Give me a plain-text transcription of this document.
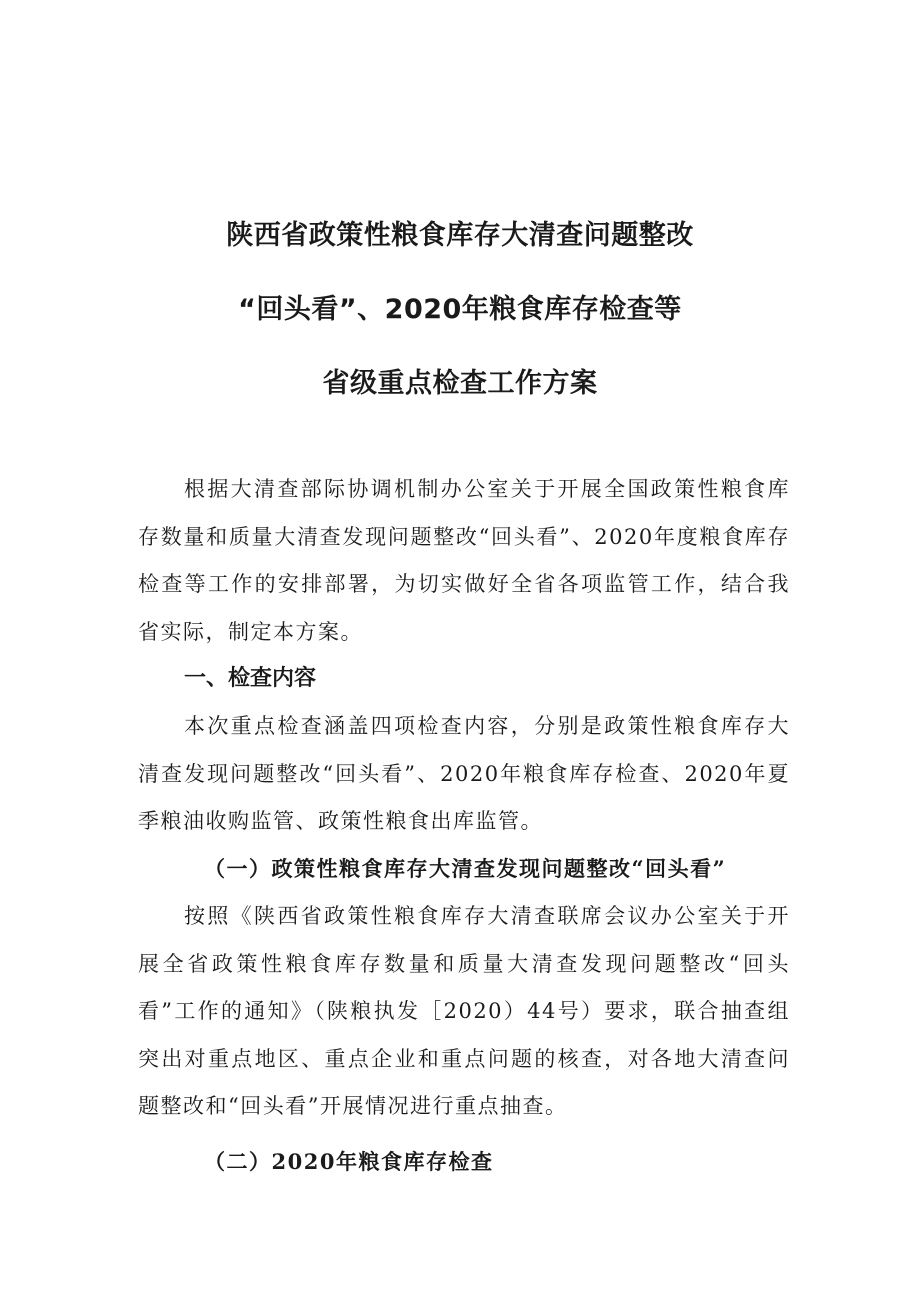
陕西省政策性粮食库存大清查问题整改
“回头看”、2020年粮食库存检查等
省级重点检查工作方案

根据大清查部际协调机制办公室关于开展全国政策性粮食库存数量和质量大清查发现问题整改“回头看”、2020年度粮食库存检查等工作的安排部署，为切实做好全省各项监管工作，结合我省实际，制定本方案。

一、检查内容

本次重点检查涵盖四项检查内容，分别是政策性粮食库存大清查发现问题整改“回头看”、2020年粮食库存检查、2020年夏季粮油收购监管、政策性粮食出库监管。

（一）政策性粮食库存大清查发现问题整改“回头看”

按照《陕西省政策性粮食库存大清查联席会议办公室关于开展全省政策性粮食库存数量和质量大清查发现问题整改“回头看”工作的通知》（陕粮执发［2020）44号）要求，联合抽查组突出对重点地区、重点企业和重点问题的核查，对各地大清查问题整改和“回头看”开展情况进行重点抽查。

（二）2020年粮食库存检查
